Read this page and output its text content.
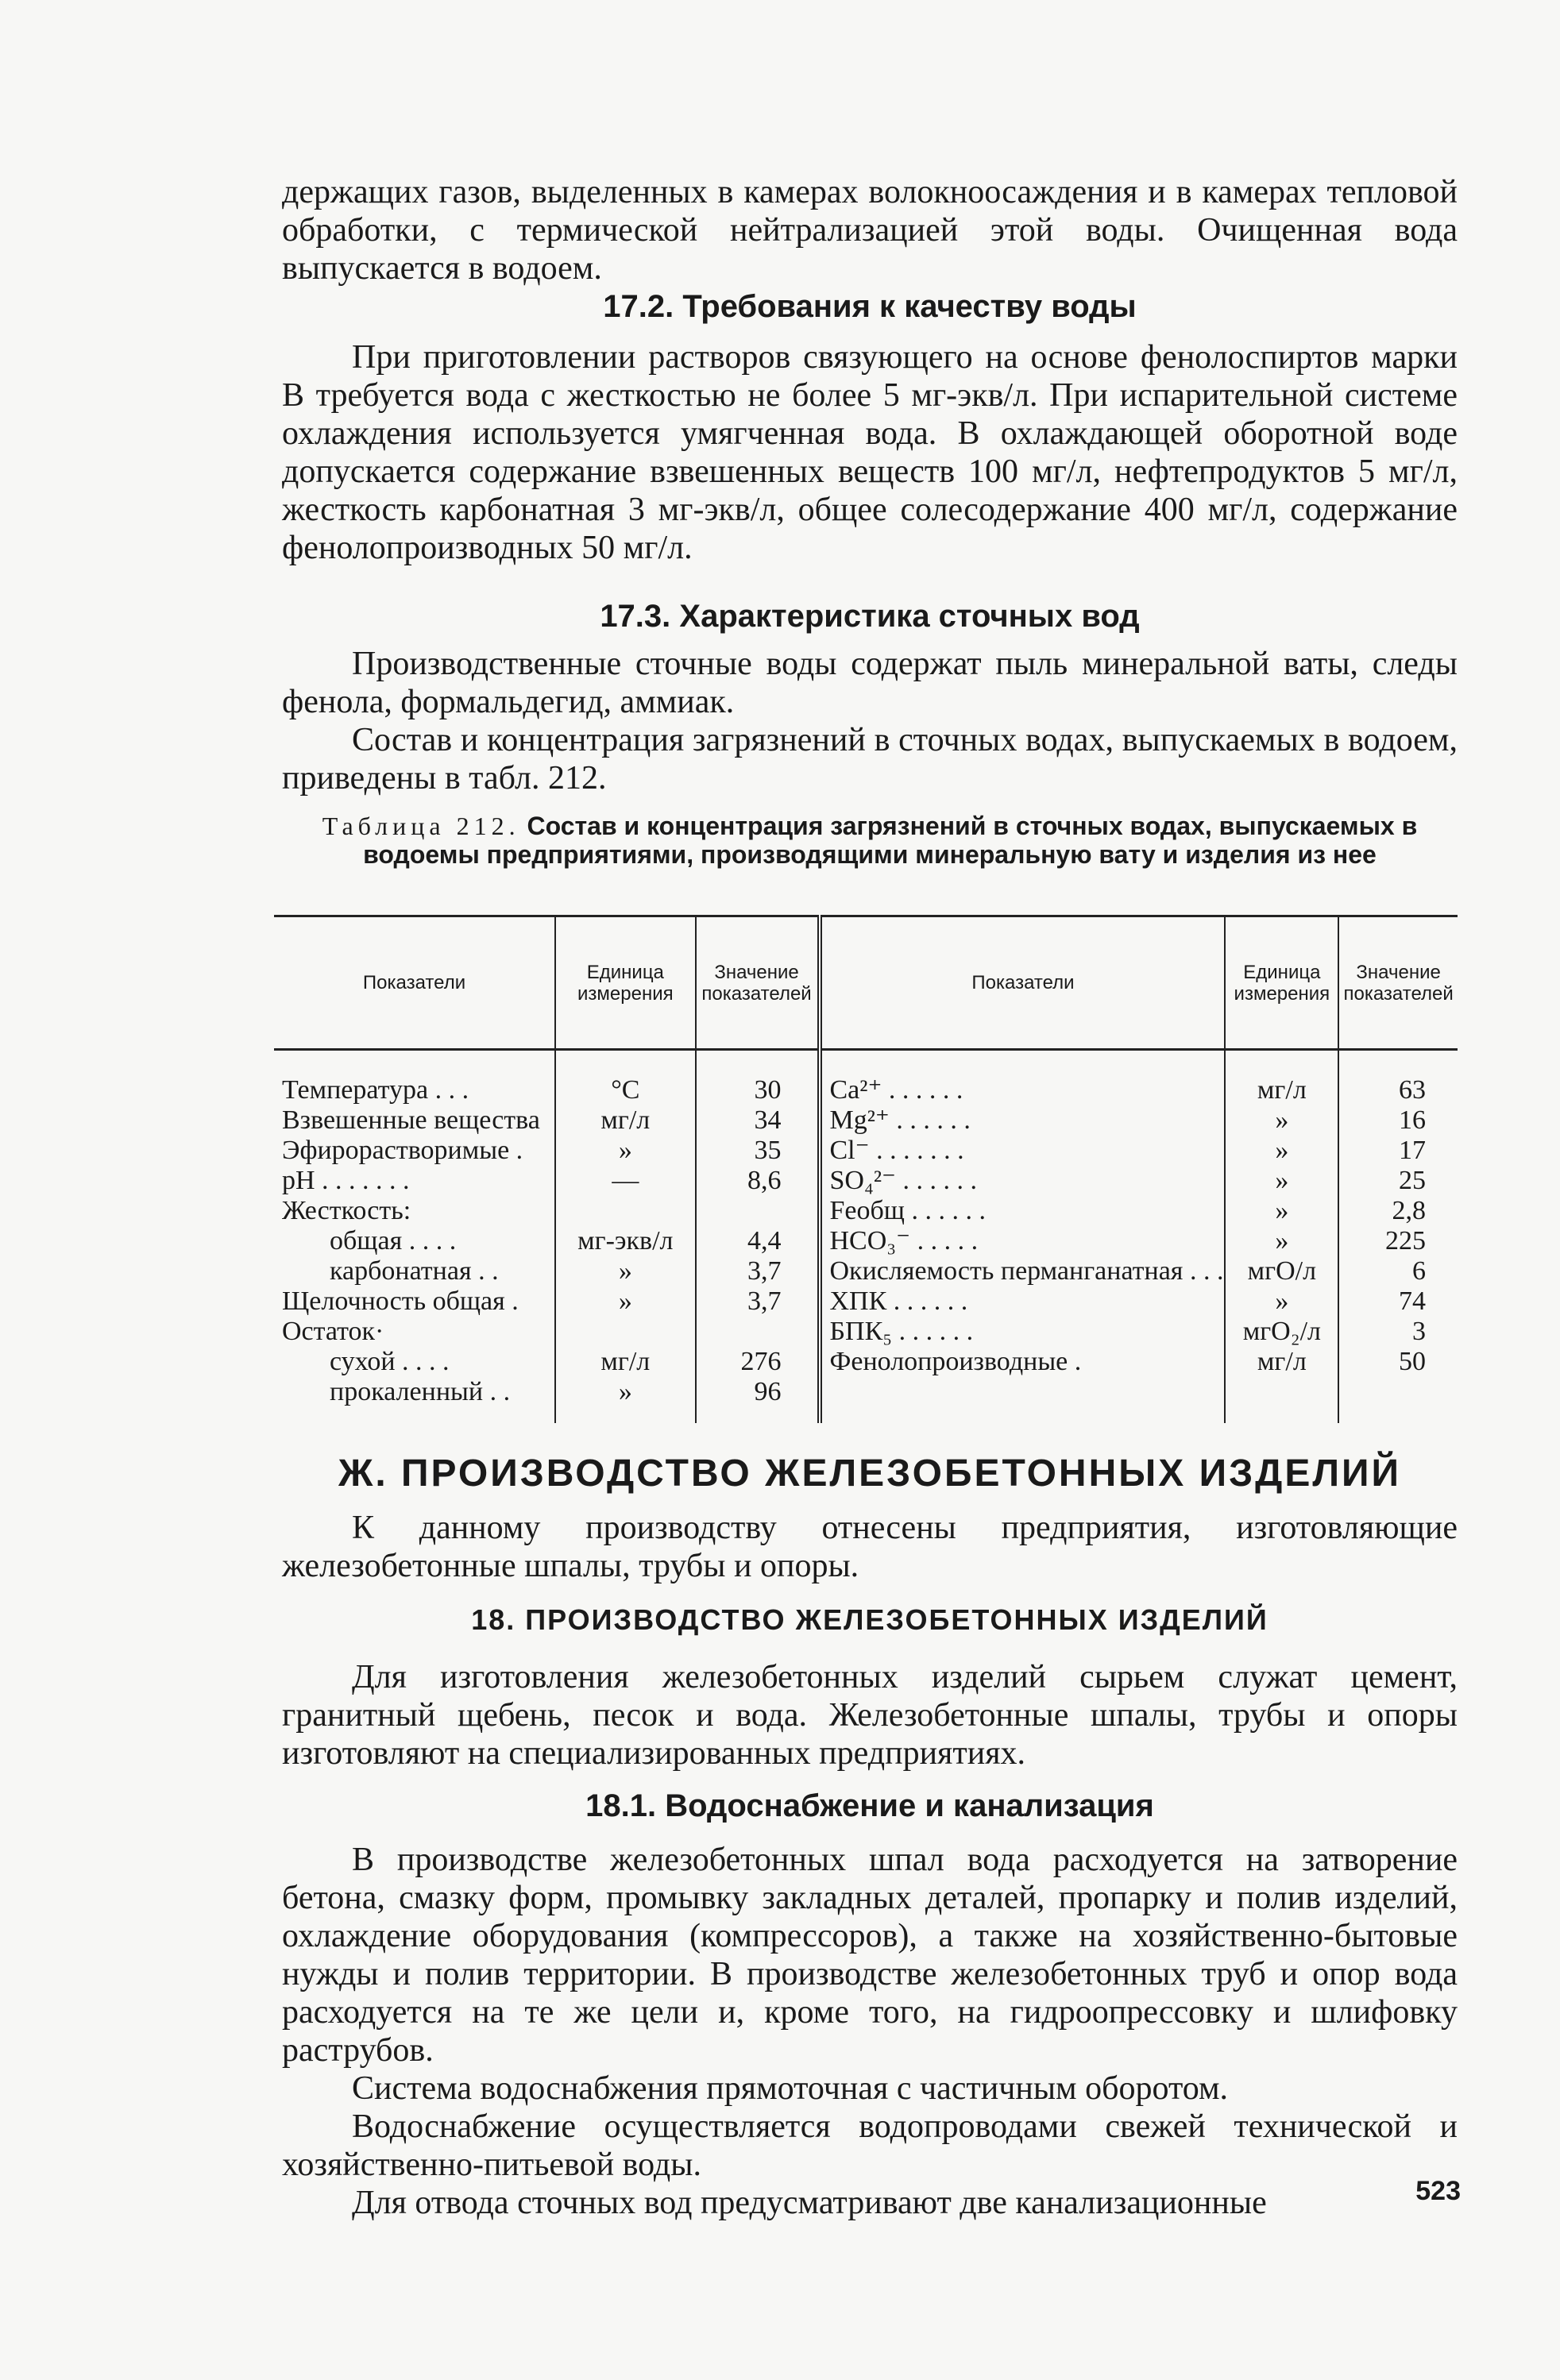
держащих газов, выделенных в камерах волокноосаждения и в камерах тепловой обработки, с термической нейтрализацией этой воды. Очищенная вода выпускается в водоем.

17.2. Требования к качеству воды

При приготовлении растворов связующего на основе фенолоспиртов марки В требуется вода с жесткостью не более 5 мг-экв/л. При испарительной системе охлаждения используется умягченная вода. В охлаждающей оборотной воде допускается содержание взвешенных веществ 100 мг/л, нефтепродуктов 5 мг/л, жесткость карбонатная 3 мг-экв/л, общее солесодержание 400 мг/л, содержание фенолопроизводных 50 мг/л.

17.3. Характеристика сточных вод

Производственные сточные воды содержат пыль минеральной ваты, следы фенола, формальдегид, аммиак.

Состав и концентрация загрязнений в сточных водах, выпускаемых в водоем, приведены в табл. 212.

Таблица 212. Состав и концентрация загрязнений в сточных водах, выпускаемых в водоемы предприятиями, производящими минеральную вату и изделия из нее
Показатели	Единица измерения	Значение показателей	Показатели	Единица измерения	Значение показателей
Температура . . .	°С	30	Ca²⁺ . . . . . .	мг/л	63
Взвешенные вещества	мг/л	34	Mg²⁺ . . . . . .	»	16
Эфирорастворимые .	»	35	Cl⁻ . . . . . . .	»	17
pH . . . . . . .	—	8,6	SO₄²⁻ . . . . . .	»	25
Жесткость:			Feобщ . . . . . .	»	2,8
общая . . . .	мг-экв/л	4,4	HCO₃⁻ . . . . .	»	225
карбонатная . .	»	3,7	Окисляемость перманганатная . . .	мгО/л	6
Щелочность общая .	»	3,7	ХПК . . . . . .	»	74
Остаток·			БПК₅ . . . . . .	мгO₂/л	3
сухой . . . .	мг/л	276	Фенолопроизводные .	мг/л	50
прокаленный . .	»	96			

Ж. ПРОИЗВОДСТВО ЖЕЛЕЗОБЕТОННЫХ ИЗДЕЛИЙ

К данному производству отнесены предприятия, изготовляющие железобетонные шпалы, трубы и опоры.

18. ПРОИЗВОДСТВО ЖЕЛЕЗОБЕТОННЫХ ИЗДЕЛИЙ

Для изготовления железобетонных изделий сырьем служат цемент, гранитный щебень, песок и вода. Железобетонные шпалы, трубы и опоры изготовляют на специализированных предприятиях.

18.1. Водоснабжение и канализация

В производстве железобетонных шпал вода расходуется на затворение бетона, смазку форм, промывку закладных деталей, пропарку и полив изделий, охлаждение оборудования (компрессоров), а также на хозяйственно-бытовые нужды и полив территории. В производстве железобетонных труб и опор вода расходуется на те же цели и, кроме того, на гидроопрессовку и шлифовку раструбов.

Система водоснабжения прямоточная с частичным оборотом.

Водоснабжение осуществляется водопроводами свежей технической и хозяйственно-питьевой воды.

Для отвода сточных вод предусматривают две канализационные	523
